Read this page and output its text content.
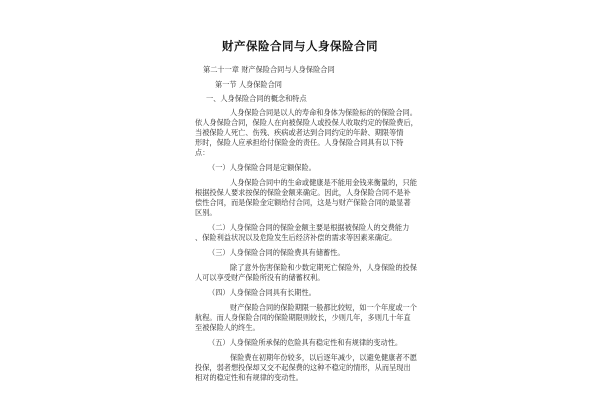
财产保险合同与人身保险合同
第二十一章 财产保险合同与人身保险合同
第一节 人身保险合同
一、人身保险合同的概念和特点
人身保险合同是以人的寿命和身体为保险标的的保险合同。
依人身保险合同，保险人在向被保险人或投保人收取约定的保险费后，
当被保险人死亡、伤残、疾病或者达到合同约定的年龄、期限等情
形时，保险人应承担给付保险金的责任。人身保险合同具有以下特
点：
（一）人身保险合同是定额保险。
人身保险合同中的生命或健康是不能用金钱来衡量的，只能
根据投保人要求按保的保险金额来确定。因此，人身保险合同不是补
偿性合同，而是保险金定额给付合同，这是与财产保险合同的最显著
区别。
（二）人身保险合同的保险金额主要是根据被保险人的交费能力
、保险利益状况以及危险发生后经济补偿的需求等因素来确定。
（三）人身保险合同的保险费具有储蓄性。
除了意外伤害保险和少数定期死亡保险外，人身保险的投保
人可以享受财产保险所没有的储蓄权利。
（四）人身保险合同具有长期性。
财产保险合同的保险期限一般都比较短，如一个年度或一个
航程。而人身保险合同的保险期限则较长，少则几年，多则几十年直
至被保险人的终生。
（五）人身保险所承保的危险具有稳定性和有规律的变动性。
保险费在初期年份较多，以后逐年减少，以避免健康者不愿
投保，弱者想投保却又交不起保费的这种不稳定的情形，从而呈现出
相对的稳定性和有规律的变动性。
